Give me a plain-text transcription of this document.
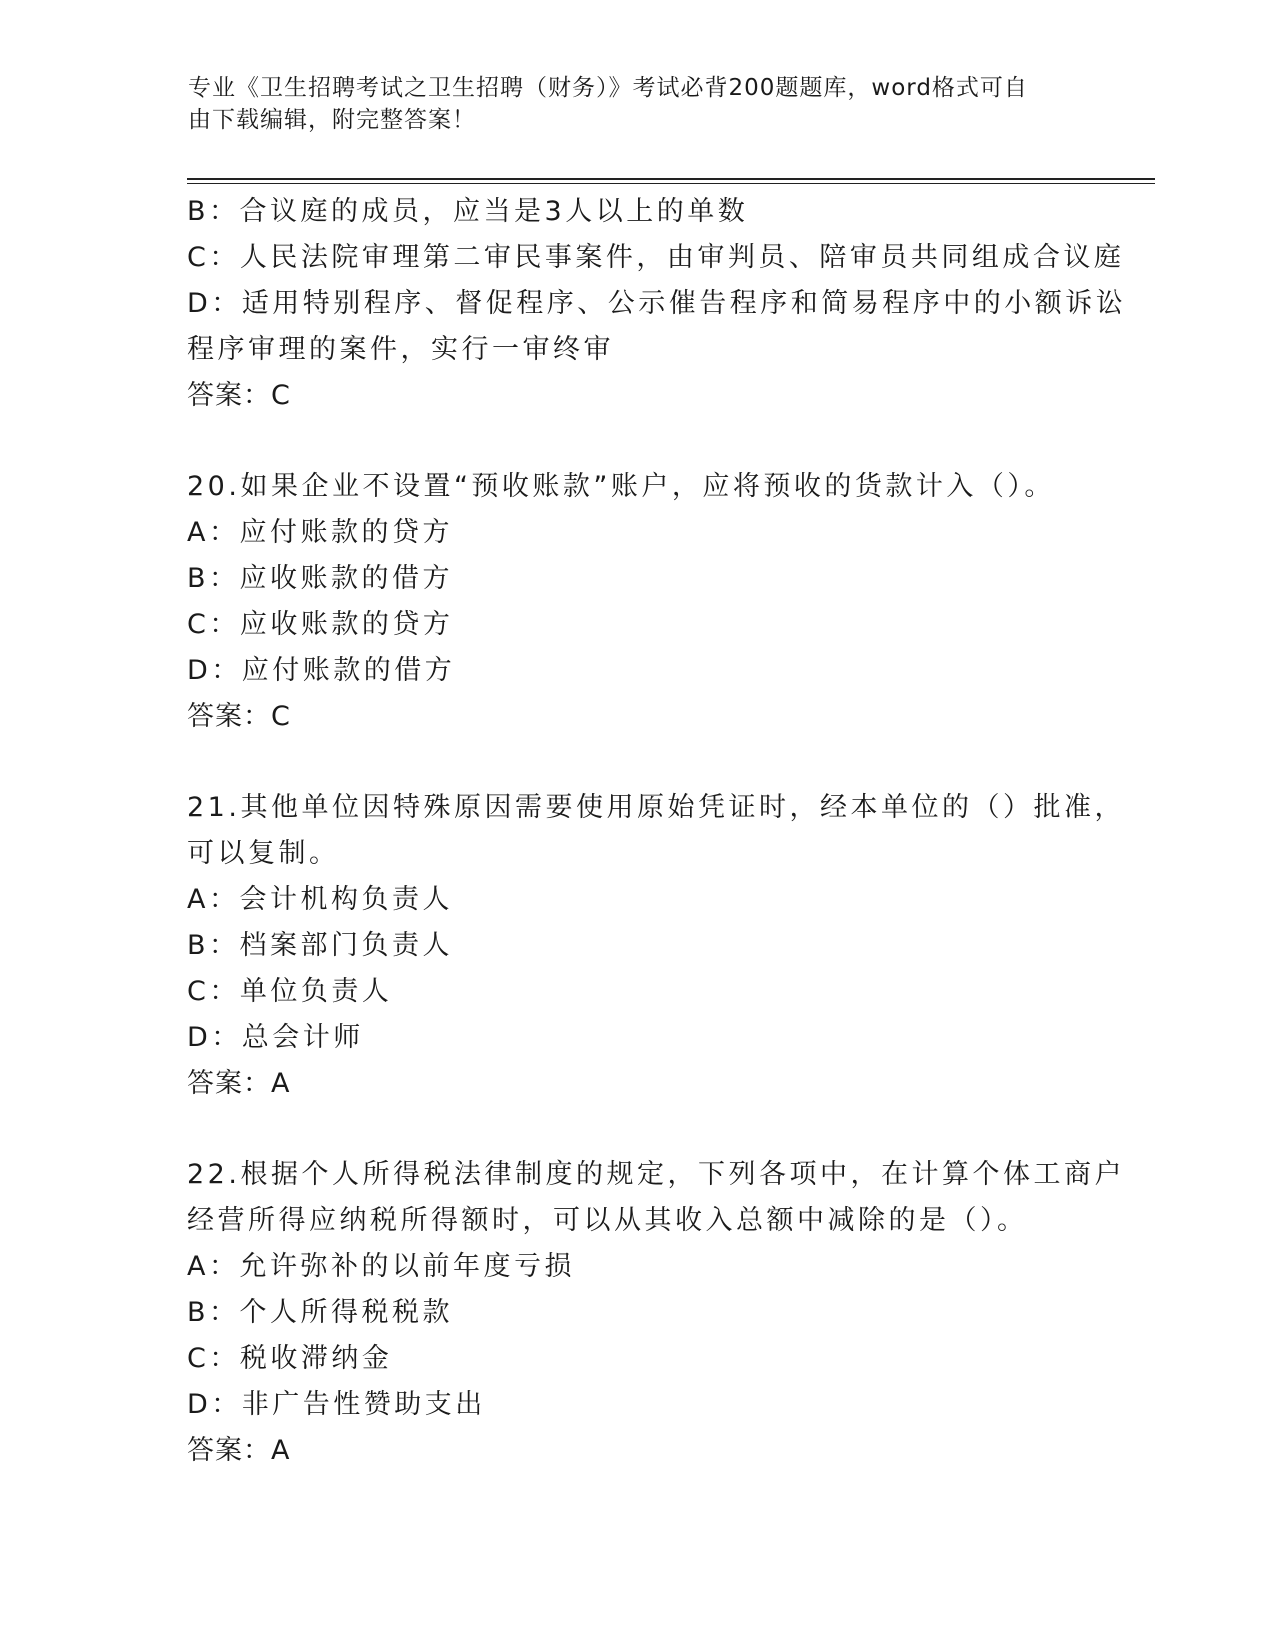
专业《卫生招聘考试之卫生招聘（财务）》考试必背200题题库，word格式可自
由下载编辑，附完整答案！
B：合议庭的成员，应当是3人以上的单数
C：人民法院审理第二审民事案件，由审判员、陪审员共同组成合议庭
D：适用特别程序、督促程序、公示催告程序和简易程序中的小额诉讼
程序审理的案件，实行一审终审
答案：C
20.如果企业不设置“预收账款”账户，应将预收的货款计入（）。
A：应付账款的贷方
B：应收账款的借方
C：应收账款的贷方
D：应付账款的借方
答案：C
21.其他单位因特殊原因需要使用原始凭证时，经本单位的（）批准，
可以复制。
A：会计机构负责人
B：档案部门负责人
C：单位负责人
D：总会计师
答案：A
22.根据个人所得税法律制度的规定，下列各项中，在计算个体工商户
经营所得应纳税所得额时，可以从其收入总额中减除的是（）。
A：允许弥补的以前年度亏损
B：个人所得税税款
C：税收滞纳金
D：非广告性赞助支出
答案：A
